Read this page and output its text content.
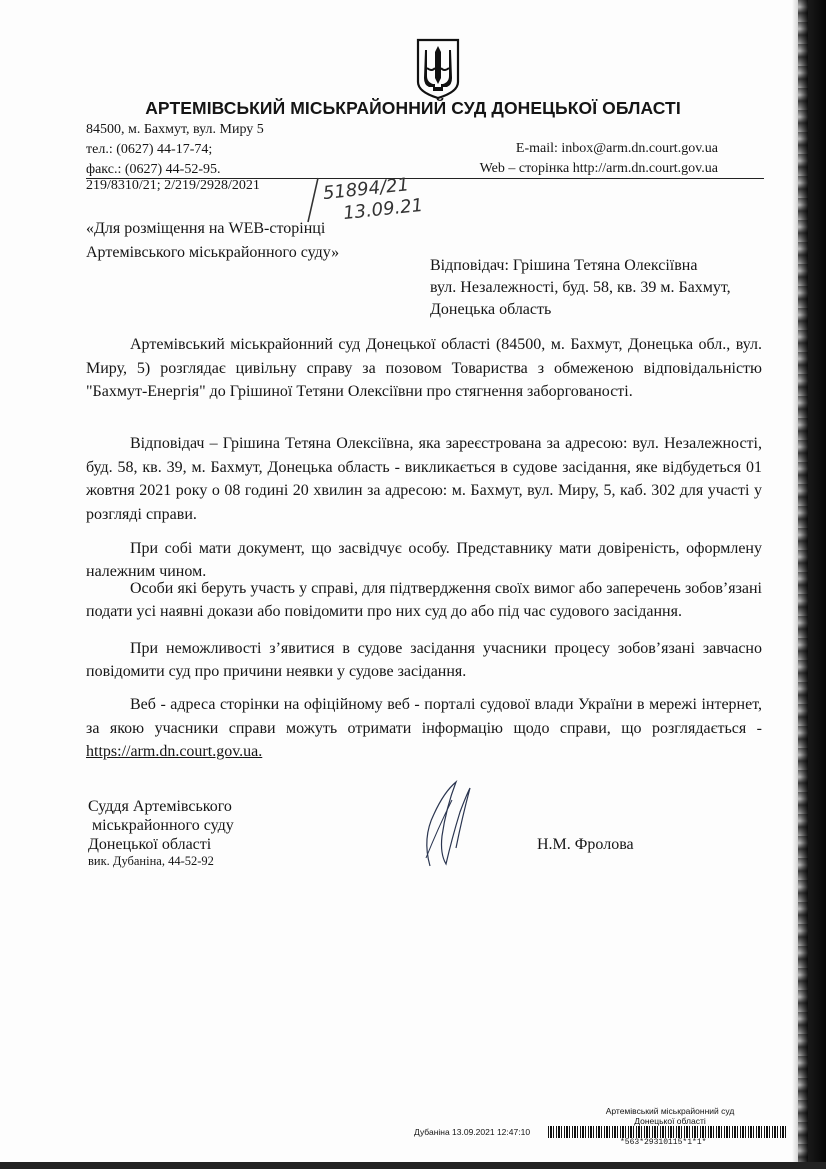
АРТЕМІВСЬКИЙ МІСЬКРАЙОННИЙ СУД ДОНЕЦЬКОЇ ОБЛАСТІ
84500, м. Бахмут, вул. Миру 5
тел.: (0627) 44-17-74;
факс.: (0627) 44-52-95.
E-mail: inbox@arm.dn.court.gov.ua
Web – сторінка http://arm.dn.court.gov.ua
219/8310/21; 2/219/2928/2021	51894/21
13.09.21
«Для розміщення на WEB-сторінці
Артемівського міськрайонного суду»
Відповідач: Грішина Тетяна Олексіївна
вул. Незалежності, буд. 58, кв. 39 м. Бахмут,
Донецька область
Артемівський міськрайонний суд Донецької області (84500, м. Бахмут, Донецька обл., вул. Миру, 5) розглядає цивільну справу за позовом Товариства з обмеженою відповідальністю "Бахмут-Енергія" до Грішиної Тетяни Олексіївни про стягнення заборгованості.
Відповідач – Грішина Тетяна Олексіївна, яка зареєстрована за адресою: вул. Незалежності, буд. 58, кв. 39, м. Бахмут, Донецька область - викликається в судове засідання, яке відбудеться 01 жовтня 2021 року о 08 годині 20 хвилин за адресою: м. Бахмут, вул. Миру, 5, каб. 302 для участі у розгляді справи.
При собі мати документ, що засвідчує особу. Представнику мати довіреність, оформлену належним чином.
Особи які беруть участь у справі, для підтвердження своїх вимог або заперечень зобов’язані подати усі наявні докази або повідомити про них суд до або під час судового засідання.
При неможливості з’явитися в судове засідання учасники процесу зобов’язані завчасно повідомити суд про причини неявки у судове засідання.
Веб - адреса сторінки на офіційному веб - порталі судової влади України в мережі інтернет, за якою учасники справи можуть отримати інформацію щодо справи, що розглядається - https://arm.dn.court.gov.ua.
Суддя Артемівського
міськрайонного суду
Донецької області
вик. Дубаніна, 44-52-92
Н.М. Фролова
Артемівський міськрайонний суд
Донецької області
Дубаніна 13.09.2021 12:47:10
*563*29310115*1*1*
